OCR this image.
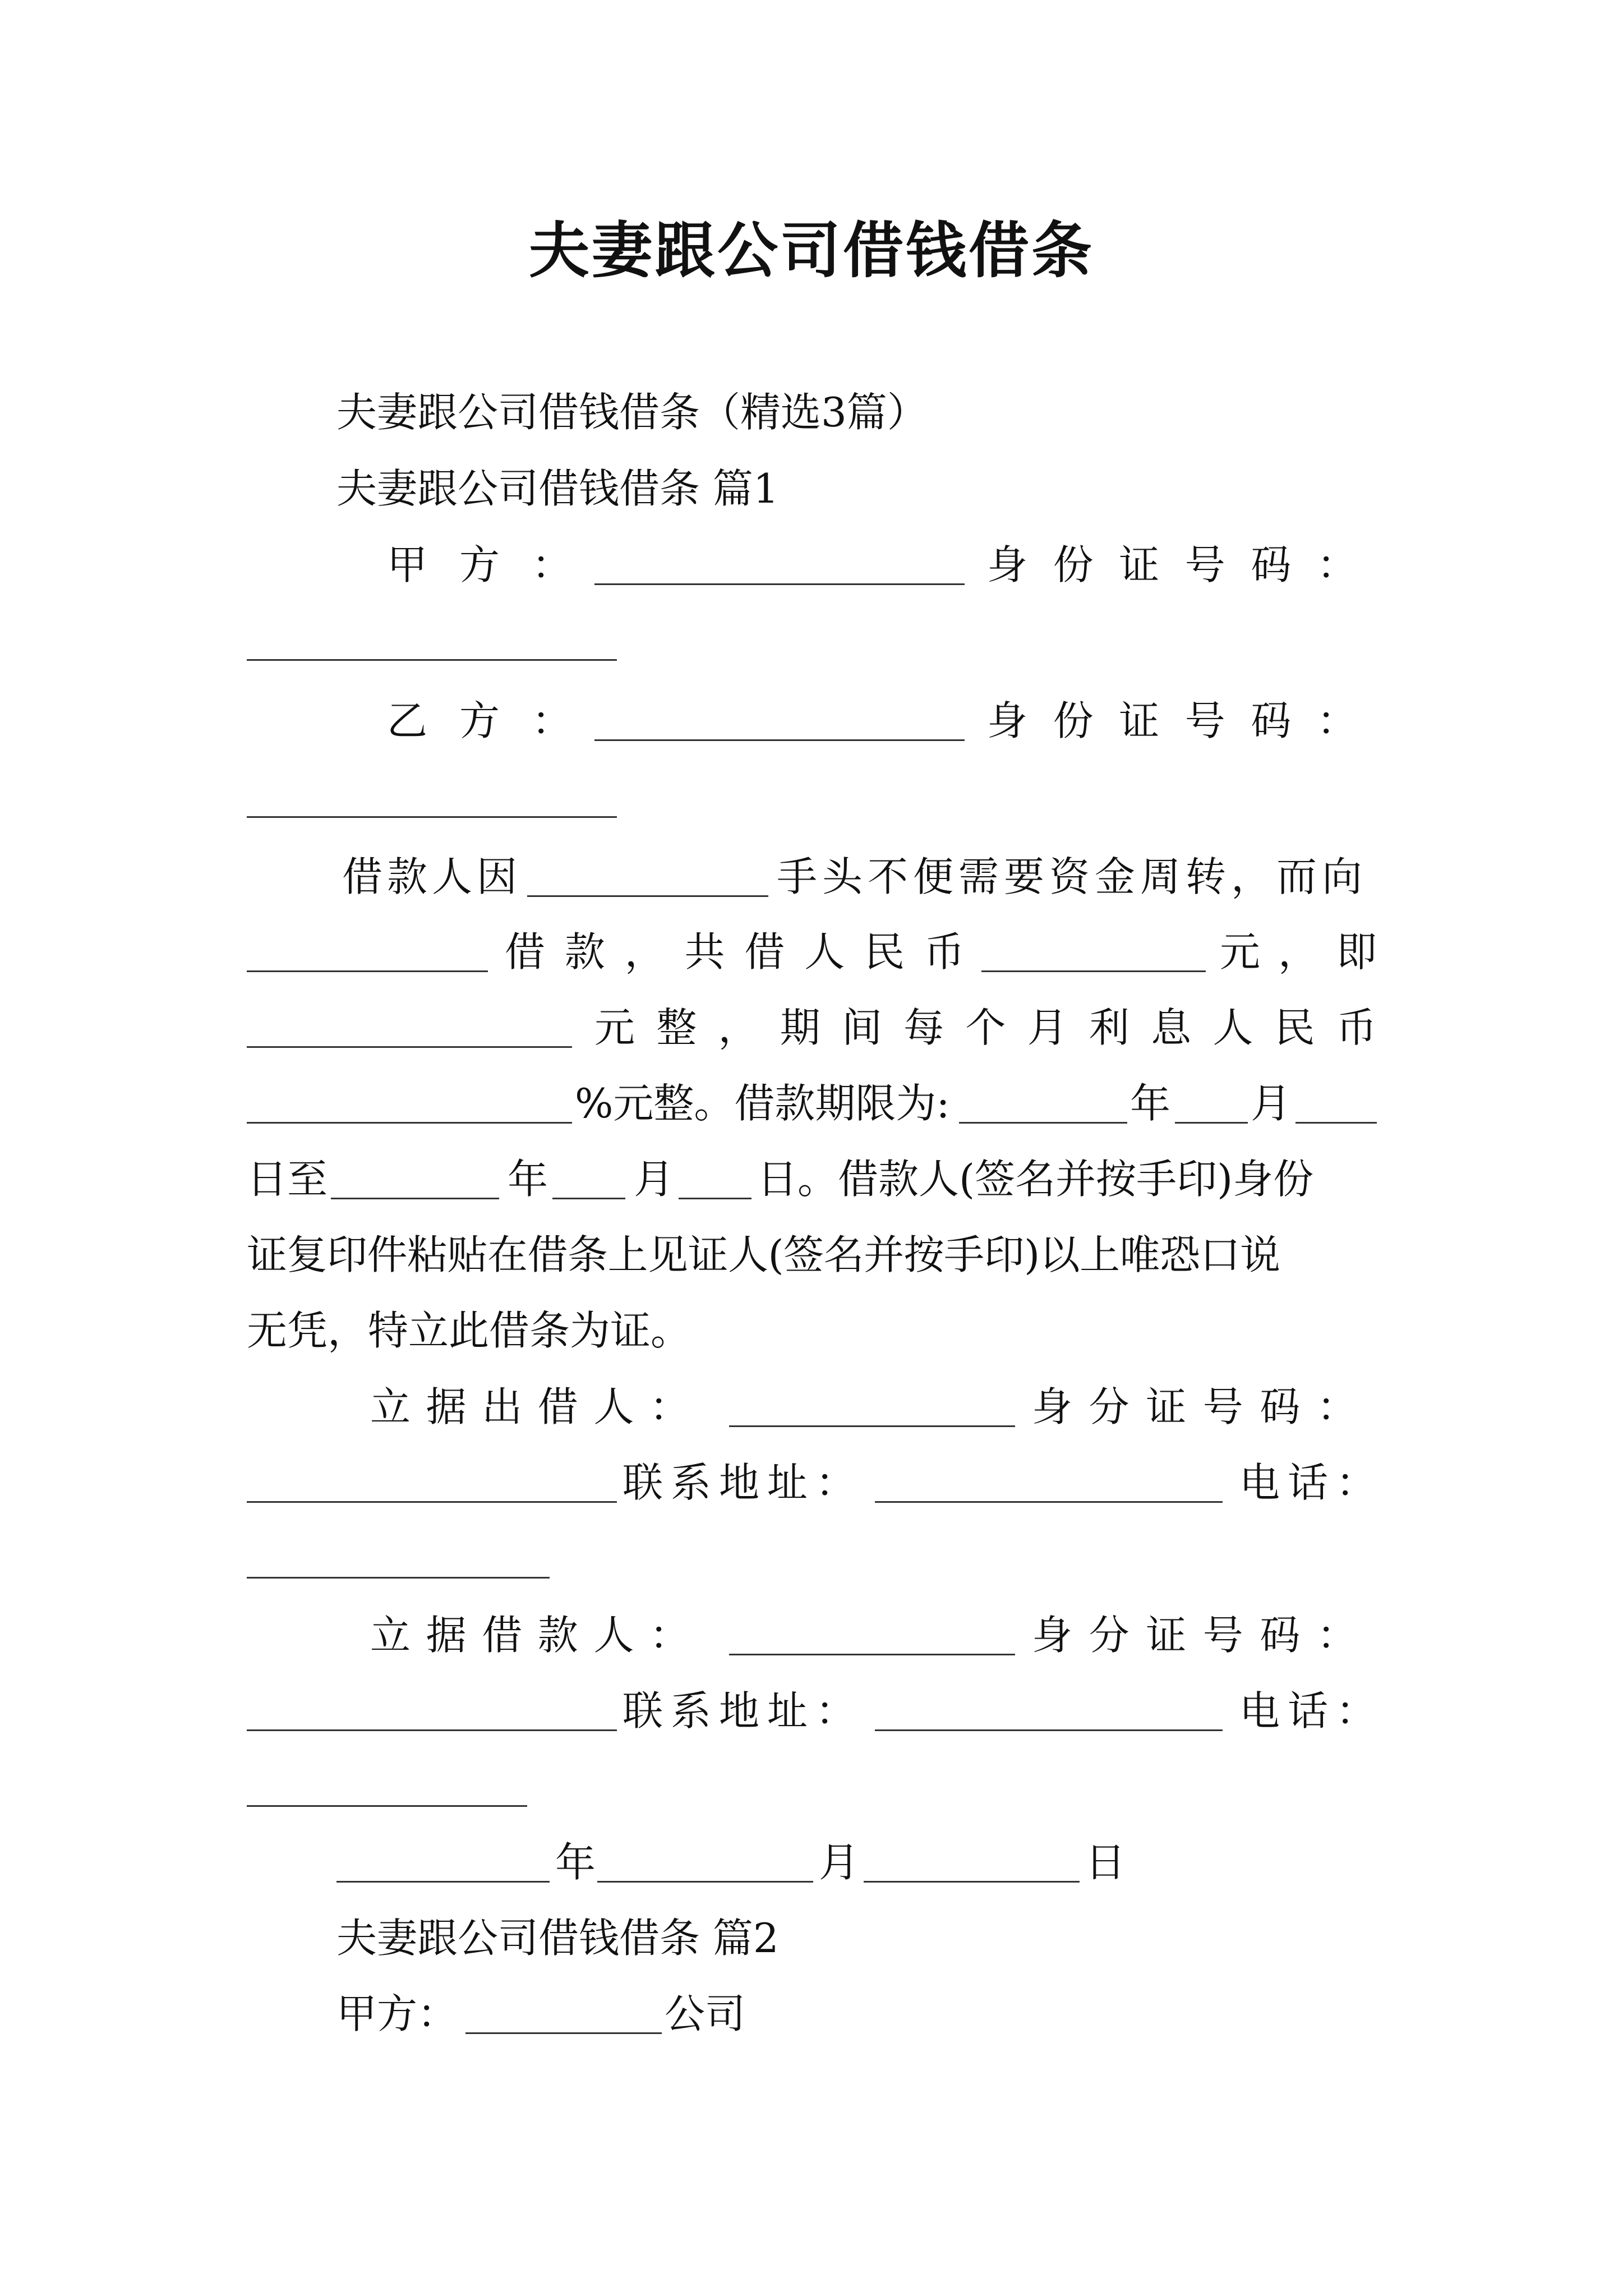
夫妻跟公司借钱借条
夫妻跟公司借钱借条（精选3篇）
夫妻跟公司借钱借条 篇1
甲 方 ：	身 份 证 号 码 ：
乙 方 ：	身 份 证 号 码 ：
借款人因	手头不便需要资金周转，而向
借 款 ， 共 借 人 民 币	元 ， 即
元 整 ， 期 间 每 个 月 利 息 人 民 币
%元整。借款期限为:	年 月
日至	年 月 日。借款人(签名并按手印)身份
证复印件粘贴在借条上见证人(签名并按手印)以上唯恐口说
无凭，特立此借条为证。
立 据 出 借 人 ：	身 分 证 号 码 ：
联系地址：	电话：
立 据 借 款 人 ：	身 分 证 号 码 ：
联系地址：	电话：
年	月	日
夫妻跟公司借钱借条 篇2
甲方：	公司
